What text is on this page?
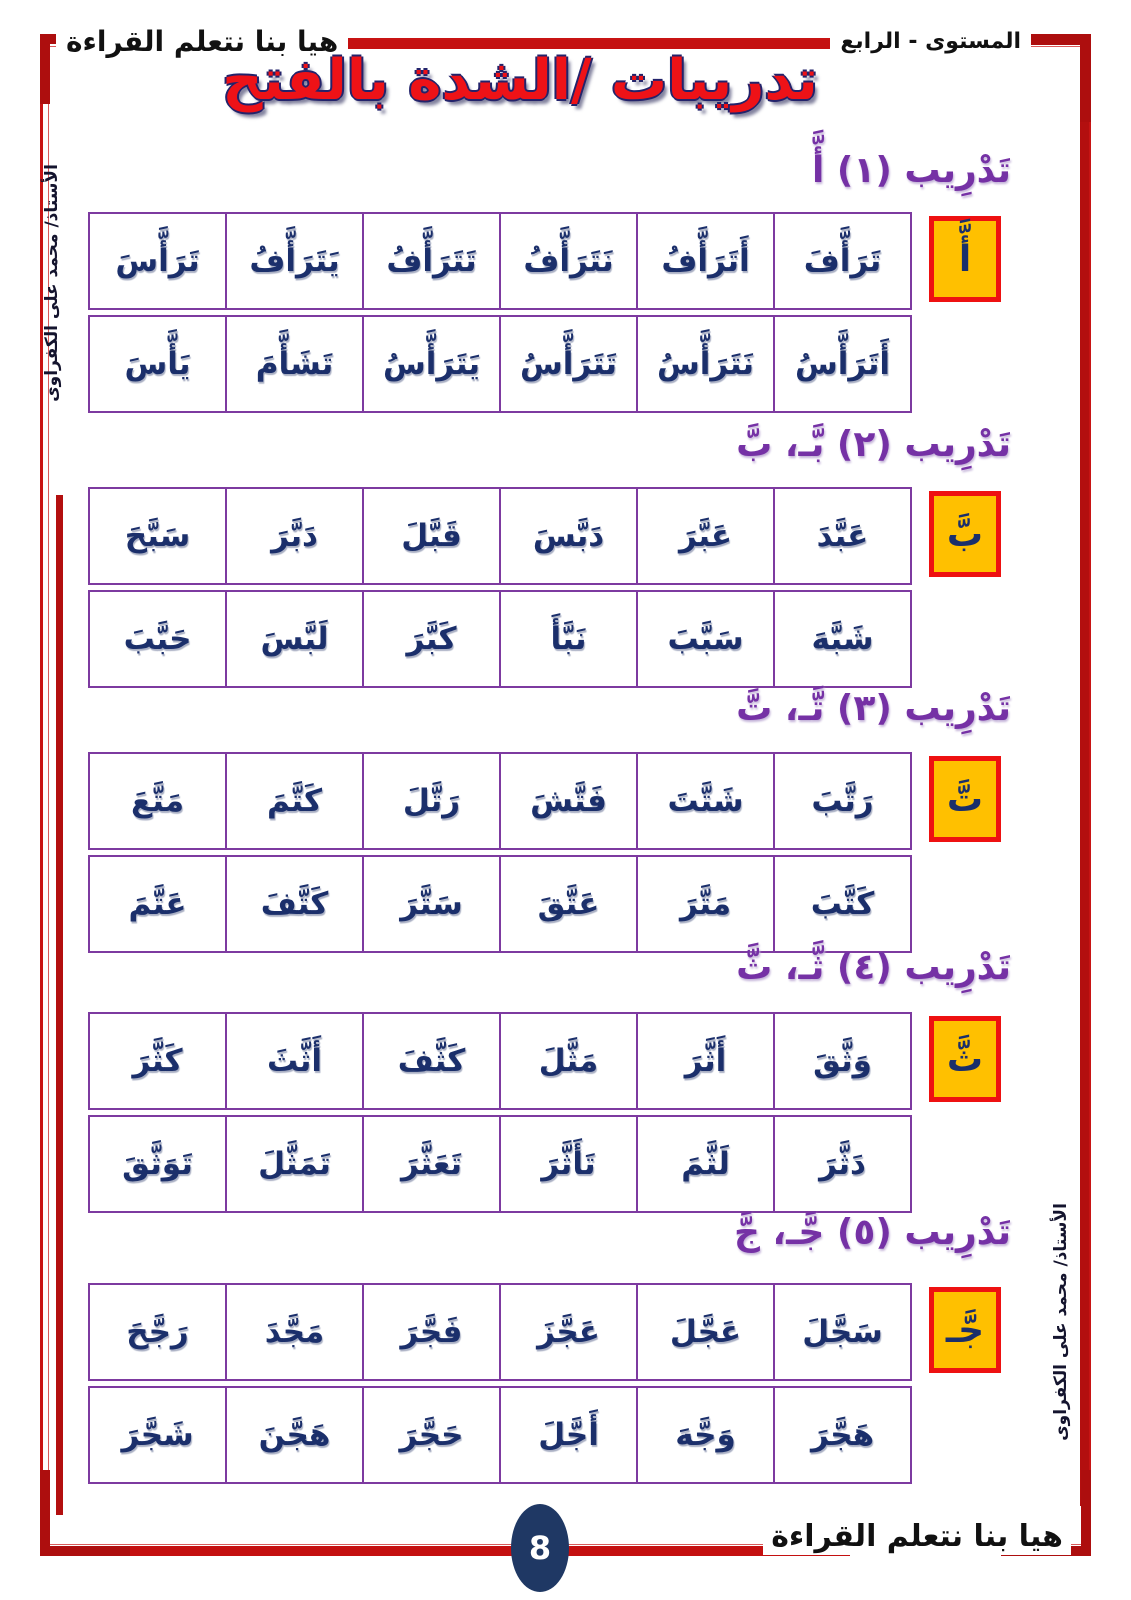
المستوى - الرابع
هيا بنا نتعلم القراءة
تدريبات /الشدة بالفتح
الأستاذ/ محمد على الكفراوى
الأستاذ/ محمد على الكفراوى
تَدْرِيب (١) أَّ
أَّ
تَرَأَّفَ
أَتَرَأَّفُ
نَتَرَأَّفُ
تَتَرَأَّفُ
يَتَرَأَّفُ
تَرَأَّسَ
أَتَرَأَّسُ
نَتَرَأَّسُ
تَتَرَأَّسُ
يَتَرَأَّسُ
تَشَأَّمَ
يَأَّسَ
تَدْرِيب (٢) بَّـ، بَّ
بَّ
عَبَّدَ
عَبَّرَ
دَبَّسَ
قَبَّلَ
دَبَّرَ
سَبَّحَ
شَبَّهَ
سَبَّبَ
نَبَّأَ
كَبَّرَ
لَبَّسَ
حَبَّبَ
تَدْرِيب (٣) تَّـ، تَّ
تَّ
رَتَّبَ
شَتَّتَ
فَتَّشَ
رَتَّلَ
كَتَّمَ
مَتَّعَ
كَتَّبَ
مَتَّرَ
عَتَّقَ
سَتَّرَ
كَتَّفَ
عَتَّمَ
تَدْرِيب (٤) ثَّـ، ثَّ
ثَّ
وَثَّقَ
أَثَّرَ
مَثَّلَ
كَثَّفَ
أَثَّثَ
كَثَّرَ
دَثَّرَ
لَثَّمَ
تَأَثَّرَ
تَعَثَّرَ
تَمَثَّلَ
تَوَثَّقَ
تَدْرِيب (٥) جَّـ، جَّ
جَّـ
سَجَّلَ
عَجَّلَ
عَجَّزَ
فَجَّرَ
مَجَّدَ
رَجَّحَ
هَجَّرَ
وَجَّهَ
أَجَّلَ
حَجَّرَ
هَجَّنَ
شَجَّرَ
8	هيا بنا نتعلم القراءة
